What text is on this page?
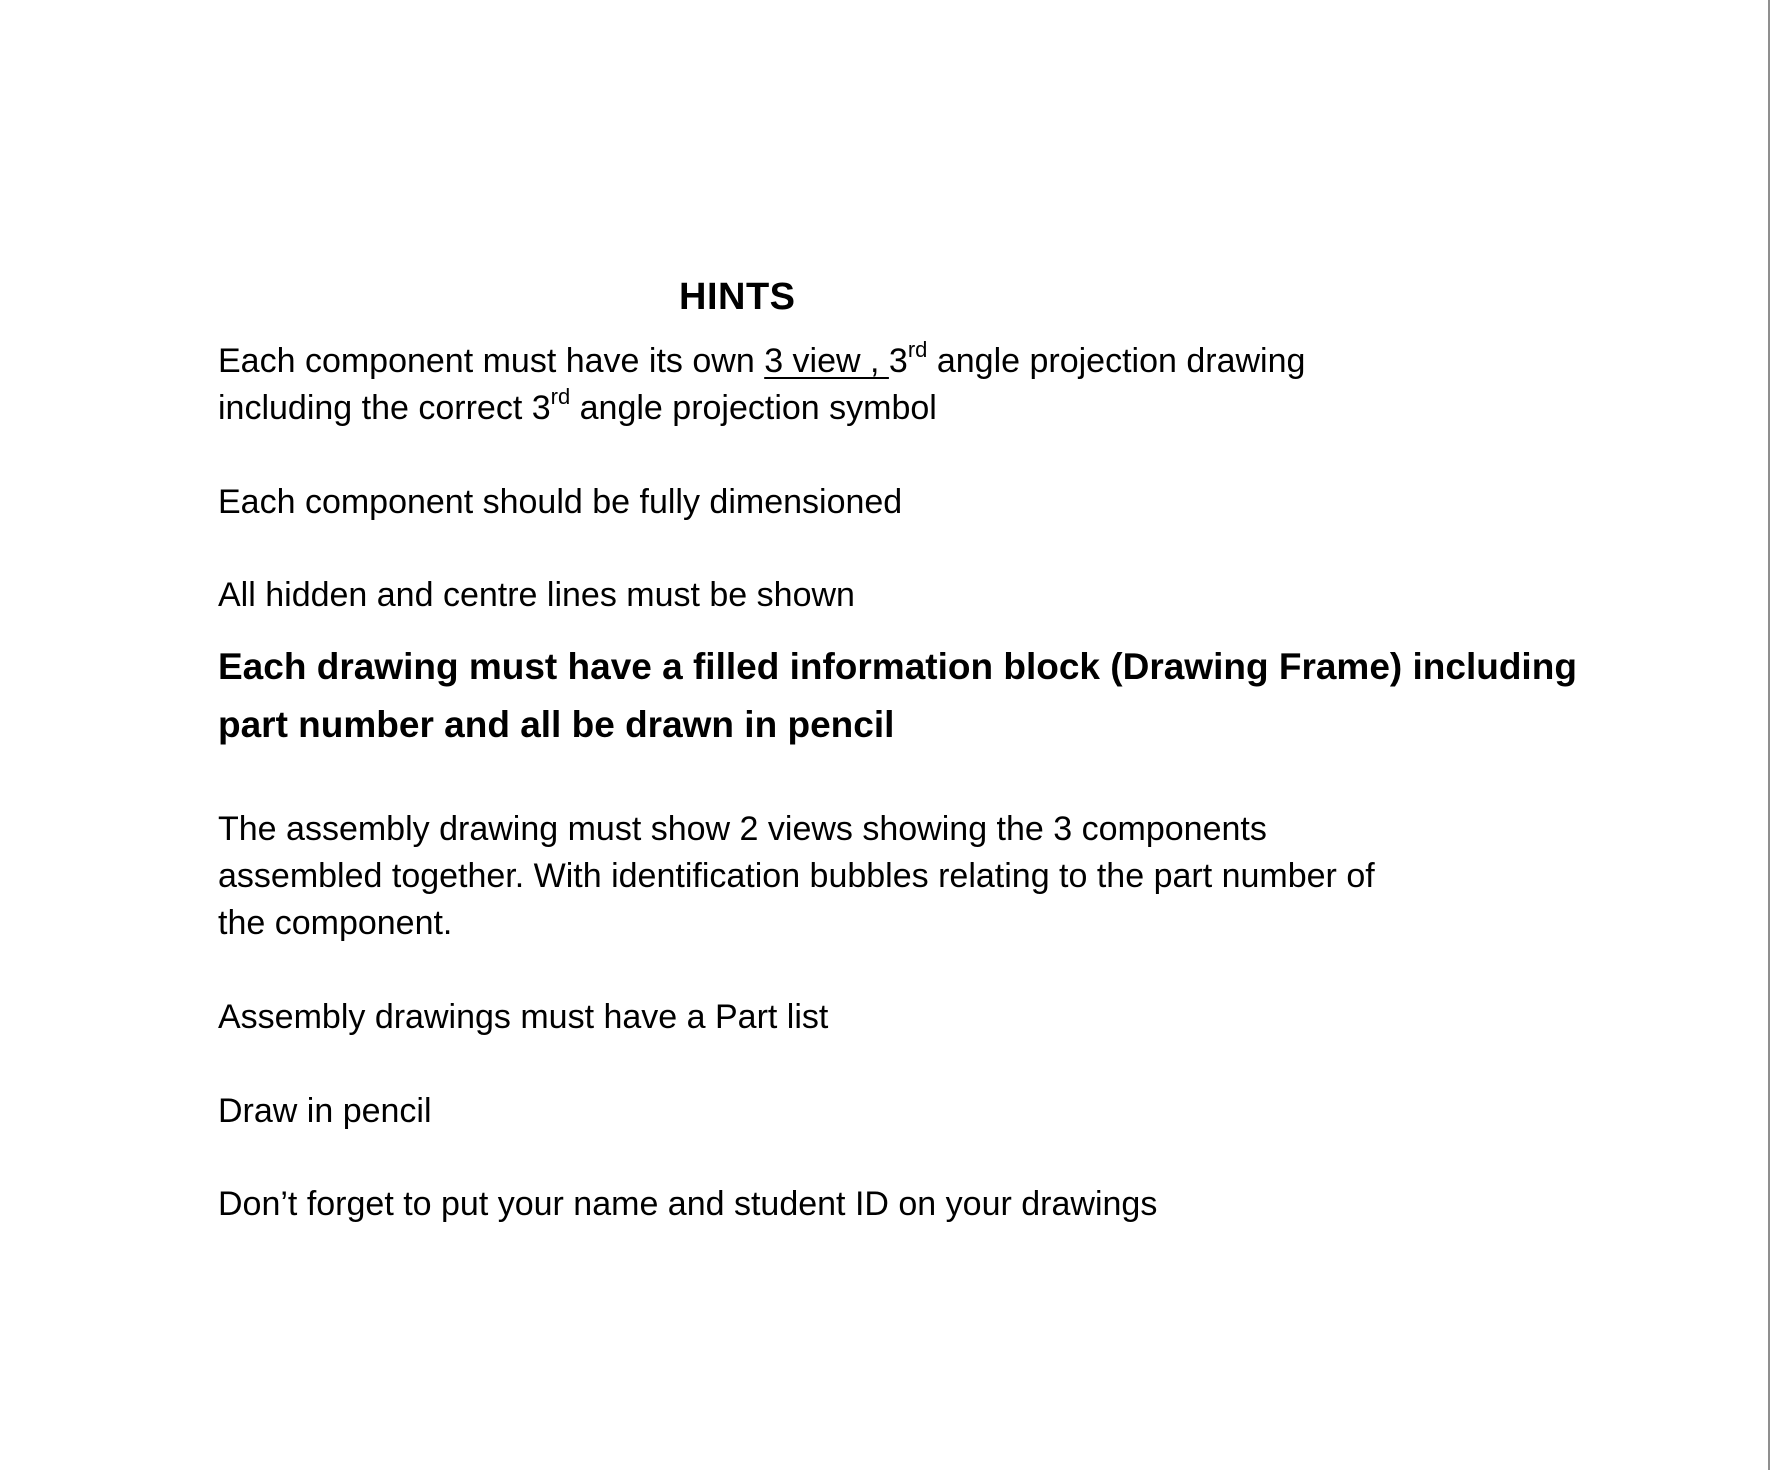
HINTS
Each component must have its own 3 view , 3rd angle projection drawing
including the correct 3rd angle projection symbol
Each component should be fully dimensioned
All hidden and centre lines must be shown
Each drawing must have a filled information block (Drawing Frame) including
part number and all be drawn in pencil
The assembly drawing must show 2 views showing the 3 components
assembled together. With identification bubbles relating to the part number of
the component.
Assembly drawings must have a Part list
Draw in pencil
Don’t forget to put your name and student ID on your drawings
